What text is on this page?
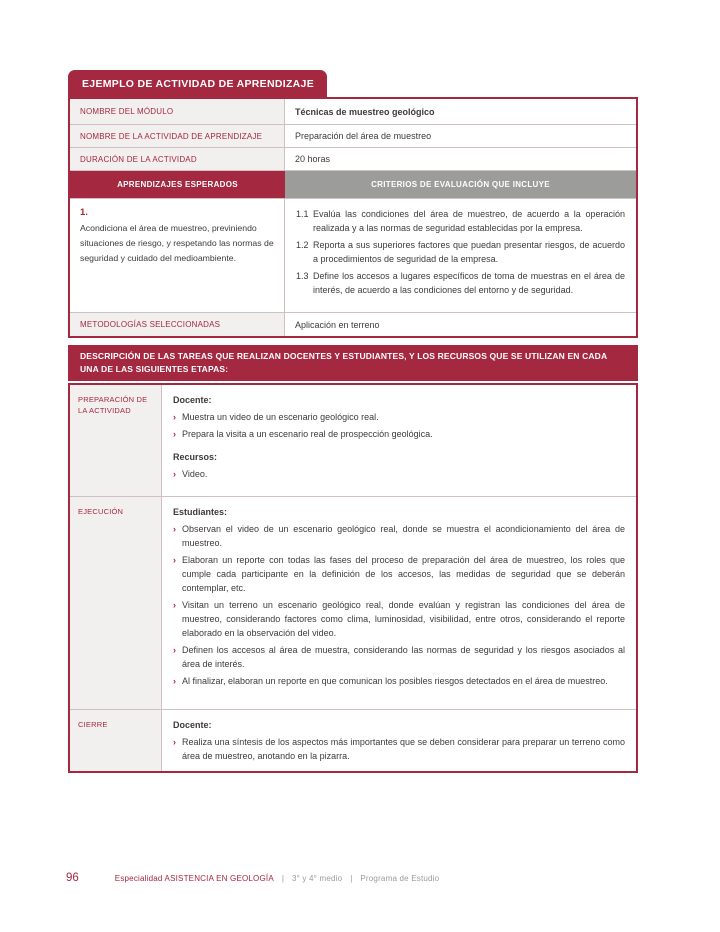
EJEMPLO DE ACTIVIDAD DE APRENDIZAJE
NOMBRE DEL MÓDULO	Técnicas de muestreo geológico
NOMBRE DE LA ACTIVIDAD DE APRENDIZAJE	Preparación del área de muestreo
DURACIÓN DE LA ACTIVIDAD	20 horas
APRENDIZAJES ESPERADOS	CRITERIOS DE EVALUACIÓN QUE INCLUYE
1.
Acondiciona el área de muestreo, previniendo situaciones de riesgo, y respetando las normas de seguridad y cuidado del medioambiente.
1.1 Evalúa las condiciones del área de muestreo, de acuerdo a la operación realizada y a las normas de seguridad establecidas por la empresa.
1.2 Reporta a sus superiores factores que puedan presentar riesgos, de acuerdo a procedimientos de seguridad de la empresa.
1.3 Define los accesos a lugares específicos de toma de muestras en el área de interés, de acuerdo a las condiciones del entorno y de seguridad.
METODOLOGÍAS SELECCIONADAS	Aplicación en terreno
DESCRIPCIÓN DE LAS TAREAS QUE REALIZAN DOCENTES Y ESTUDIANTES, Y LOS RECURSOS QUE SE UTILIZAN EN CADA UNA DE LAS SIGUIENTES ETAPAS:
PREPARACIÓN DE LA ACTIVIDAD
Docente:
› Muestra un video de un escenario geológico real.
› Prepara la visita a un escenario real de prospección geológica.
Recursos:
› Video.
EJECUCIÓN	Estudiantes:
› Observan el video de un escenario geológico real, donde se muestra el acondicionamiento del área de muestreo.
› Elaboran un reporte con todas las fases del proceso de preparación del área de muestreo, los roles que cumple cada participante en la definición de los accesos, las medidas de seguridad que se deberán contemplar, etc.
› Visitan un terreno un escenario geológico real, donde evalúan y registran las condiciones del área de muestreo, considerando factores como clima, luminosidad, visibilidad, entre otros, considerando el reporte elaborado en la observación del video.
› Definen los accesos al área de muestra, considerando las normas de seguridad y los riesgos asociados al área de interés.
› Al finalizar, elaboran un reporte en que comunican los posibles riesgos detectados en el área de muestreo.
CIERRE	Docente:
› Realiza una síntesis de los aspectos más importantes que se deben considerar para preparar un terreno como área de muestreo, anotando en la pizarra.
96	Especialidad ASISTENCIA EN GEOLOGÍA | 3° y 4° medio | Programa de Estudio
